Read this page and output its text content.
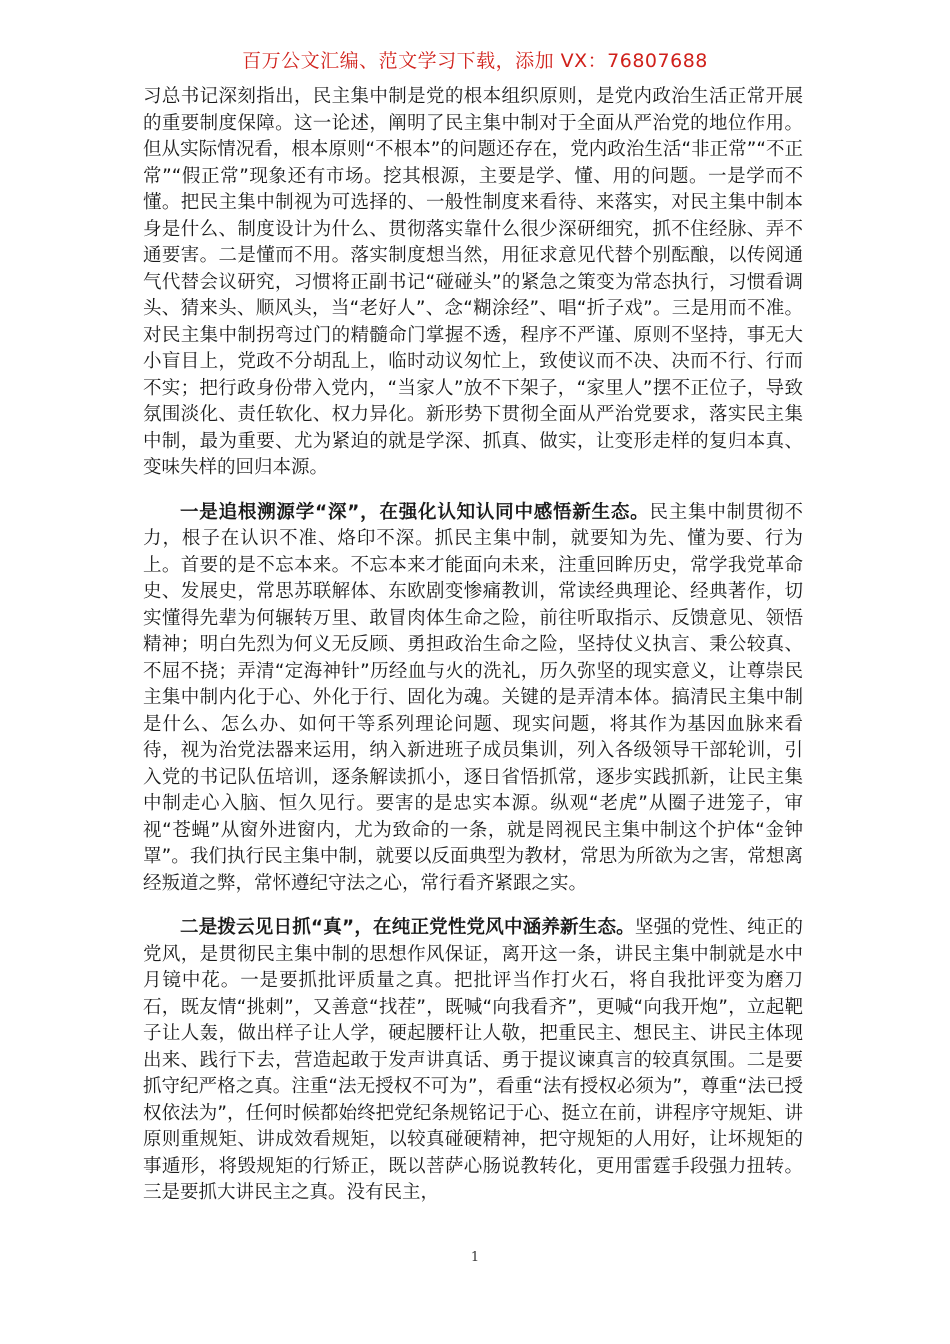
百万公文汇编、范文学习下载，添加 VX：76807688

习总书记深刻指出，民主集中制是党的根本组织原则，是党内政治生活正常开展的重要制度保障。这一论述，阐明了民主集中制对于全面从严治党的地位作用。但从实际情况看，根本原则“不根本”的问题还存在，党内政治生活“非正常”“不正常”“假正常”现象还有市场。挖其根源，主要是学、懂、用的问题。一是学而不懂。把民主集中制视为可选择的、一般性制度来看待、来落实，对民主集中制本身是什么、制度设计为什么、贯彻落实靠什么很少深研细究，抓不住经脉、弄不通要害。二是懂而不用。落实制度想当然，用征求意见代替个别酝酿，以传阅通气代替会议研究，习惯将正副书记“碰碰头”的紧急之策变为常态执行，习惯看调头、猜来头、顺风头，当“老好人”、念“糊涂经”、唱“折子戏”。三是用而不准。对民主集中制拐弯过门的精髓命门掌握不透，程序不严谨、原则不坚持，事无大小盲目上，党政不分胡乱上，临时动议匆忙上，致使议而不决、决而不行、行而不实；把行政身份带入党内，“当家人”放不下架子，“家里人”摆不正位子，导致氛围淡化、责任软化、权力异化。新形势下贯彻全面从严治党要求，落实民主集中制，最为重要、尤为紧迫的就是学深、抓真、做实，让变形走样的复归本真、变味失样的回归本源。

一是追根溯源学“深”，在强化认知认同中感悟新生态。民主集中制贯彻不力，根子在认识不准、烙印不深。抓民主集中制，就要知为先、懂为要、行为上。首要的是不忘本来。不忘本来才能面向未来，注重回眸历史，常学我党革命史、发展史，常思苏联解体、东欧剧变惨痛教训，常读经典理论、经典著作，切实懂得先辈为何辗转万里、敢冒肉体生命之险，前往听取指示、反馈意见、领悟精神；明白先烈为何义无反顾、勇担政治生命之险，坚持仗义执言、秉公较真、不屈不挠；弄清“定海神针”历经血与火的洗礼，历久弥坚的现实意义，让尊崇民主集中制内化于心、外化于行、固化为魂。关键的是弄清本体。搞清民主集中制是什么、怎么办、如何干等系列理论问题、现实问题，将其作为基因血脉来看待，视为治党法器来运用，纳入新进班子成员集训，列入各级领导干部轮训，引入党的书记队伍培训，逐条解读抓小，逐日省悟抓常，逐步实践抓新，让民主集中制走心入脑、恒久见行。要害的是忠实本源。纵观“老虎”从圈子进笼子，审视“苍蝇”从窗外进窗内，尤为致命的一条，就是罔视民主集中制这个护体“金钟罩”。我们执行民主集中制，就要以反面典型为教材，常思为所欲为之害，常想离经叛道之弊，常怀遵纪守法之心，常行看齐紧跟之实。

二是拨云见日抓“真”，在纯正党性党风中涵养新生态。坚强的党性、纯正的党风，是贯彻民主集中制的思想作风保证，离开这一条，讲民主集中制就是水中月镜中花。一是要抓批评质量之真。把批评当作打火石，将自我批评变为磨刀石，既友情“挑刺”，又善意“找茬”，既喊“向我看齐”，更喊“向我开炮”，立起靶子让人轰，做出样子让人学，硬起腰杆让人敬，把重民主、想民主、讲民主体现出来、践行下去，营造起敢于发声讲真话、勇于提议谏真言的较真氛围。二是要抓守纪严格之真。注重“法无授权不可为”，看重“法有授权必须为”，尊重“法已授权依法为”，任何时候都始终把党纪条规铭记于心、挺立在前，讲程序守规矩、讲原则重规矩、讲成效看规矩，以较真碰硬精神，把守规矩的人用好，让坏规矩的事遁形，将毁规矩的行矫正，既以菩萨心肠说教转化，更用雷霆手段强力扭转。三是要抓大讲民主之真。没有民主，

1
